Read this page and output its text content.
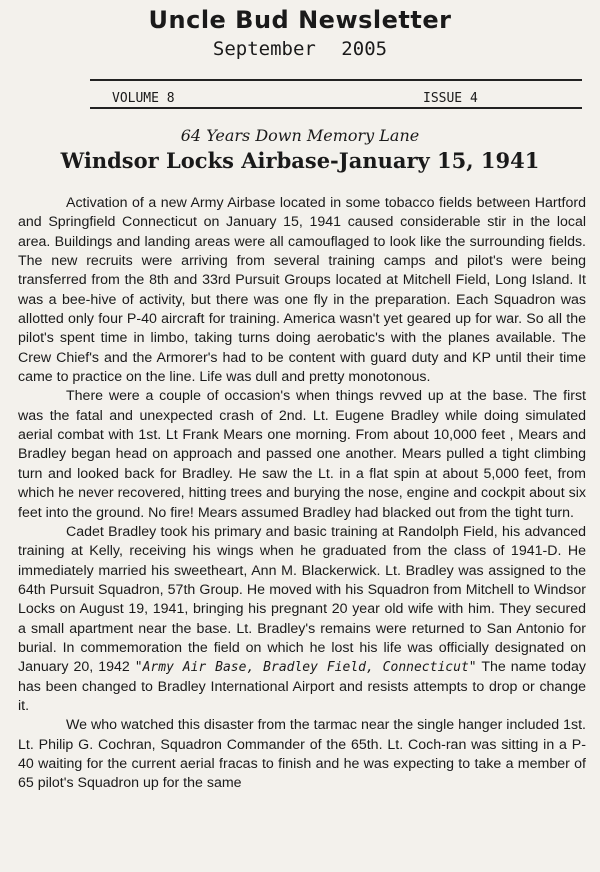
Uncle Bud Newsletter
September 2005
VOLUME 8	ISSUE 4
64 Years Down Memory Lane
Windsor Locks Airbase-January 15, 1941

Activation of a new Army Airbase located in some tobacco fields between Hartford and Springfield Connecticut on January 15, 1941 caused considerable stir in the local area. Buildings and landing areas were all camouflaged to look like the surrounding fields. The new recruits were arriving from several training camps and pilot's were being transferred from the 8th and 33rd Pursuit Groups located at Mitchell Field, Long Island. It was a bee-hive of activity, but there was one fly in the preparation. Each Squadron was allotted only four P-40 aircraft for training. America wasn't yet geared up for war. So all the pilot's spent time in limbo, taking turns doing aerobatic's with the planes available. The Crew Chief's and the Armorer's had to be content with guard duty and KP until their time came to practice on the line. Life was dull and pretty monotonous.

There were a couple of occasion's when things revved up at the base. The first was the fatal and unexpected crash of 2nd. Lt. Eugene Bradley while doing simulated aerial combat with 1st. Lt Frank Mears one morning. From about 10,000 feet , Mears and Bradley began head on approach and passed one another. Mears pulled a tight climbing turn and looked back for Bradley. He saw the Lt. in a flat spin at about 5,000 feet, from which he never recovered, hitting trees and burying the nose, engine and cockpit about six feet into the ground. No fire! Mears assumed Bradley had blacked out from the tight turn.

Cadet Bradley took his primary and basic training at Randolph Field, his advanced training at Kelly, receiving his wings when he graduated from the class of 1941-D. He immediately married his sweetheart, Ann M. Blackerwick. Lt. Bradley was assigned to the 64th Pursuit Squadron, 57th Group. He moved with his Squadron from Mitchell to Windsor Locks on August 19, 1941, bringing his pregnant 20 year old wife with him. They secured a small apartment near the base. Lt. Bradley's remains were returned to San Antonio for burial. In commemoration the field on which he lost his life was officially designated on January 20, 1942 "Army Air Base, Bradley Field, Connecticut" The name today has been changed to Bradley International Airport and resists attempts to drop or change it.

We who watched this disaster from the tarmac near the single hanger included 1st. Lt. Philip G. Cochran, Squadron Commander of the 65th. Lt. Coch-ran was sitting in a P-40 waiting for the current aerial fracas to finish and he was expecting to take a member of 65 pilot's Squadron up for the same
